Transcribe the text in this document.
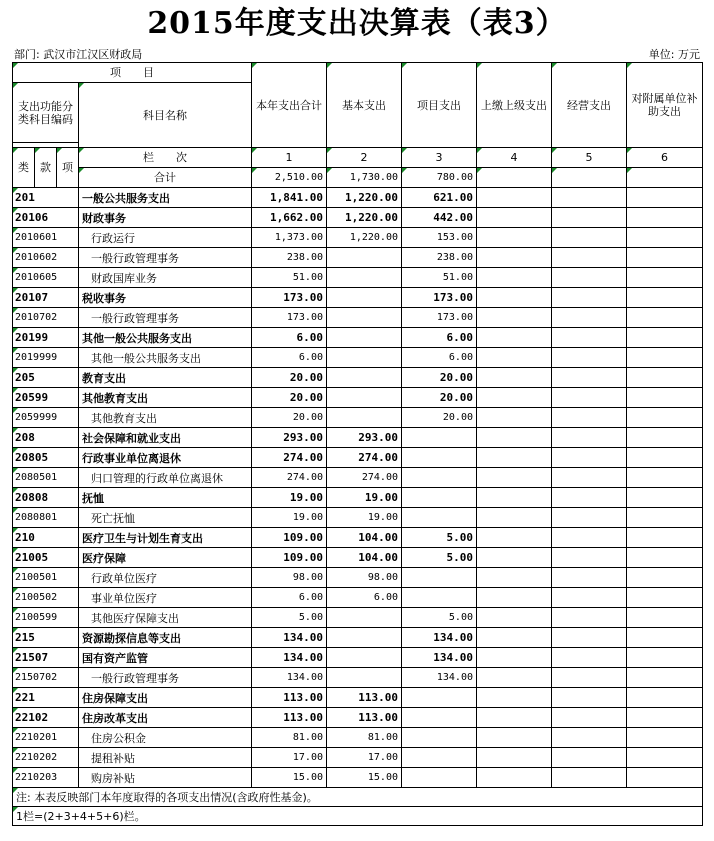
2015年度支出决算表（表3）
部门: 武汉市江汉区财政局	单位: 万元
项　　目				本年支出合计	基本支出	项目支出	上缴上级支出	经营支出	对附属单位补助支出
支出功能分类科目编码			科目名称						

类	款	项	栏　　次	1	2	3	4	5	6
			合计	2,510.00	1,730.00	780.00			
201			一般公共服务支出	1,841.00	1,220.00	621.00			
20106			财政事务	1,662.00	1,220.00	442.00			
2010601			行政运行	1,373.00	1,220.00	153.00			
2010602			一般行政管理事务	238.00		238.00			
2010605			财政国库业务	51.00		51.00			
20107			税收事务	173.00		173.00			
2010702			一般行政管理事务	173.00		173.00			
20199			其他一般公共服务支出	6.00		6.00			
2019999			其他一般公共服务支出	6.00		6.00			
205			教育支出	20.00		20.00			
20599			其他教育支出	20.00		20.00			
2059999			其他教育支出	20.00		20.00			
208			社会保障和就业支出	293.00	293.00				
20805			行政事业单位离退休	274.00	274.00				
2080501			归口管理的行政单位离退休	274.00	274.00				
20808			抚恤	19.00	19.00				
2080801			死亡抚恤	19.00	19.00				
210			医疗卫生与计划生育支出	109.00	104.00	5.00			
21005			医疗保障	109.00	104.00	5.00			
2100501			行政单位医疗	98.00	98.00				
2100502			事业单位医疗	6.00	6.00				
2100599			其他医疗保障支出	5.00		5.00			
215			资源勘探信息等支出	134.00		134.00			
21507			国有资产监管	134.00		134.00			
2150702			一般行政管理事务	134.00		134.00			
221			住房保障支出	113.00	113.00				
22102			住房改革支出	113.00	113.00				
2210201			住房公积金	81.00	81.00				
2210202			提租补贴	17.00	17.00				
2210203			购房补贴	15.00	15.00				
注: 本表反映部门本年度取得的各项支出情况(含政府性基金)。									
1栏=(2+3+4+5+6)栏。									
